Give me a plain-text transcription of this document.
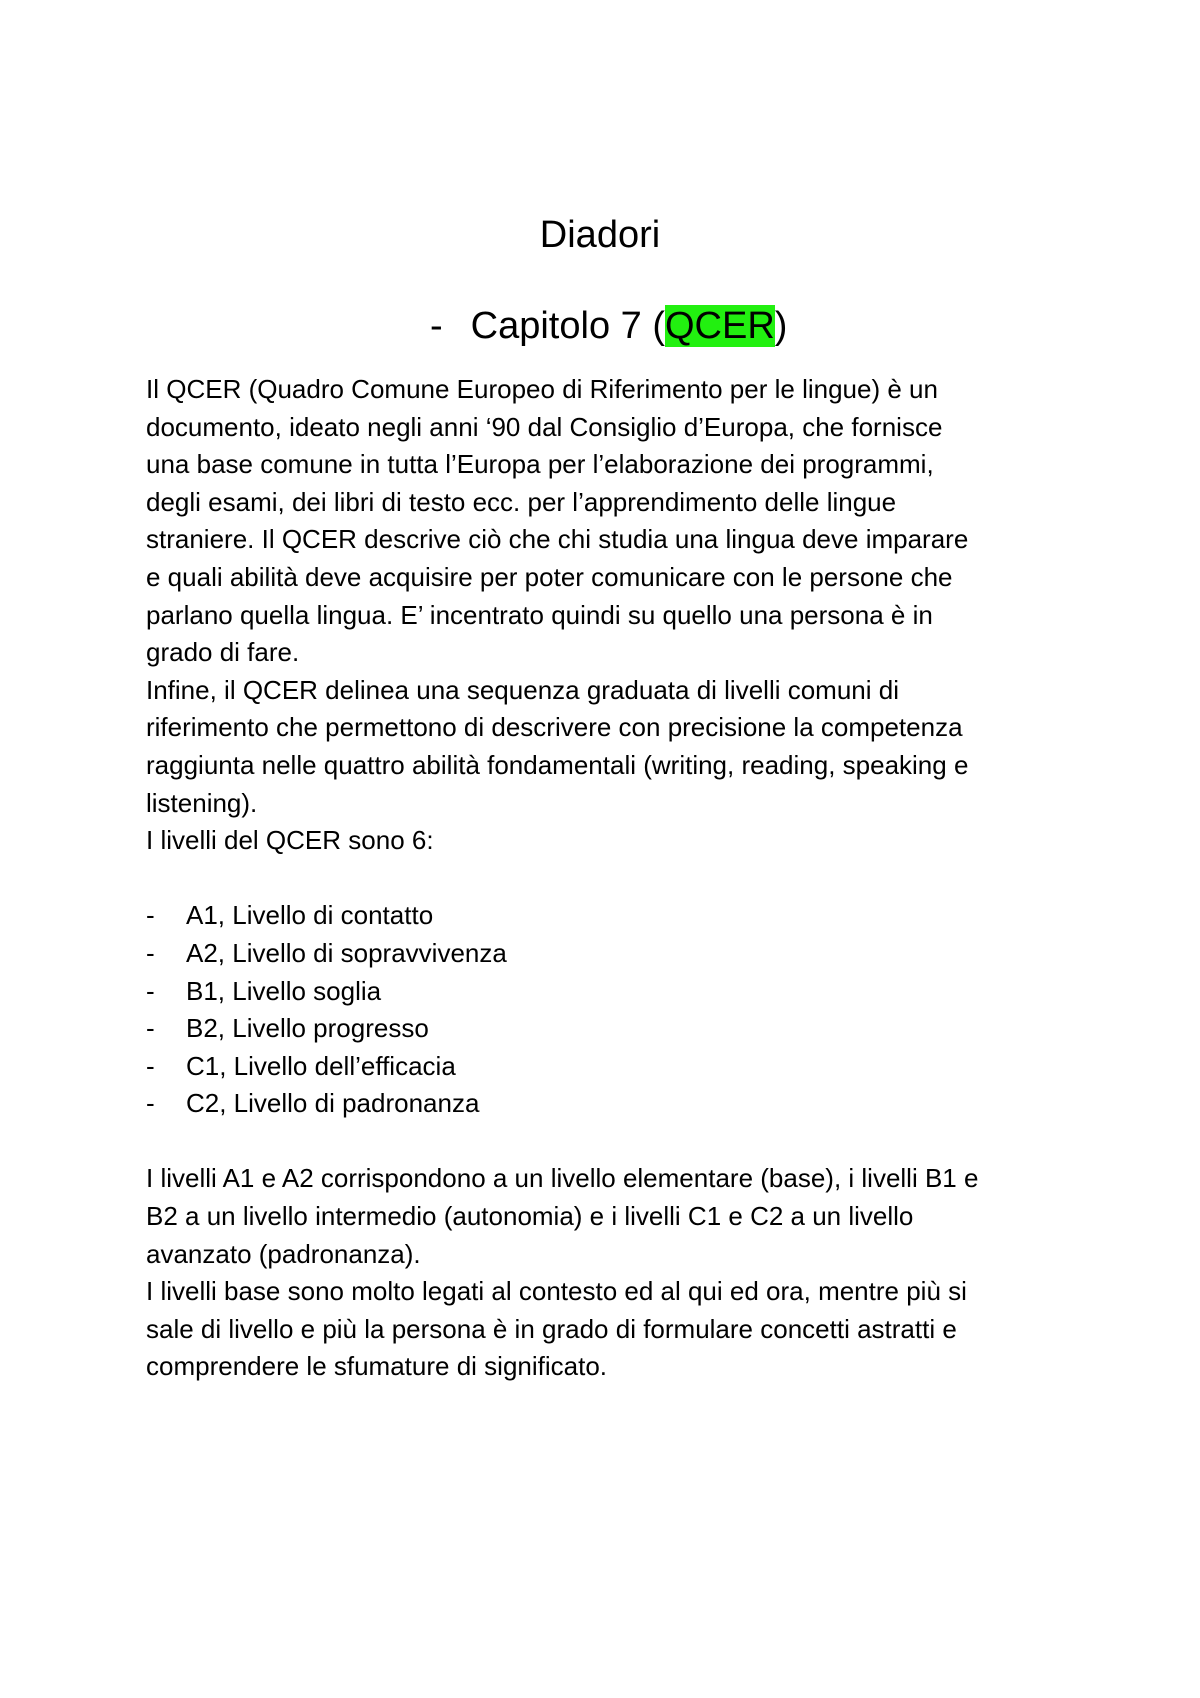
Diadori
- Capitolo 7 (QCER)

Il QCER (Quadro Comune Europeo di Riferimento per le lingue) è un
documento, ideato negli anni ‘90 dal Consiglio d’Europa, che fornisce
una base comune in tutta l’Europa per l’elaborazione dei programmi,
degli esami, dei libri di testo ecc. per l’apprendimento delle lingue
straniere. Il QCER descrive ciò che chi studia una lingua deve imparare
e quali abilità deve acquisire per poter comunicare con le persone che
parlano quella lingua. E’ incentrato quindi su quello una persona è in
grado di fare.

Infine, il QCER delinea una sequenza graduata di livelli comuni di
riferimento che permettono di descrivere con precisione la competenza
raggiunta nelle quattro abilità fondamentali (writing, reading, speaking e
listening).

I livelli del QCER sono 6:

- A1, Livello di contatto
- A2, Livello di sopravvivenza
- B1, Livello soglia
- B2, Livello progresso
- C1, Livello dell’efficacia
- C2, Livello di padronanza

I livelli A1 e A2 corrispondono a un livello elementare (base), i livelli B1 e
B2 a un livello intermedio (autonomia) e i livelli C1 e C2 a un livello
avanzato (padronanza).

I livelli base sono molto legati al contesto ed al qui ed ora, mentre più si
sale di livello e più la persona è in grado di formulare concetti astratti e
comprendere le sfumature di significato.
